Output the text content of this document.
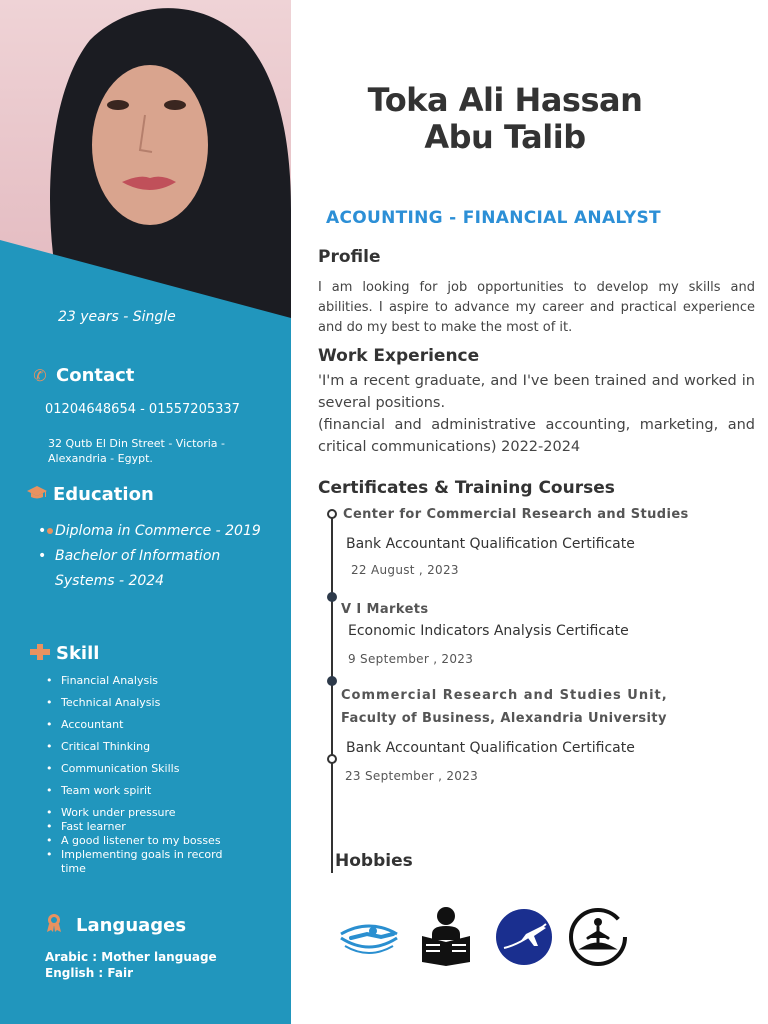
23 years - Single
✆ Contact
01204648654 - 01557205337
32 Qutb El Din Street - Victoria - Alexandria - Egypt.
Education
• Diploma in Commerce - 2019
• Bachelor of Information Systems - 2024
Skill
• Financial Analysis
• Technical Analysis
• Accountant
• Critical Thinking
• Communication Skills
• Team work spirit
• Work under pressure
• Fast learner
• A good listener to my bosses
• Implementing goals in record time
Languages
Arabic : Mother language
English : Fair
Toka Ali Hassan
Abu Talib
ACOUNTING - FINANCIAL ANALYST
Profile
I am looking for job opportunities to develop my skills and abilities. I aspire to advance my career and practical experience and do my best to make the most of it.
Work Experience
'I'm a recent graduate, and I've been trained and worked in several positions.
(financial and administrative accounting, marketing, and critical communications) 2022-2024
Certificates & Training Courses
Center for Commercial Research and Studies
Bank Accountant Qualification Certificate
22 August , 2023
V I Markets
Economic Indicators Analysis Certificate
9 September , 2023
Commercial Research and Studies Unit,
Faculty of Business, Alexandria University
Bank Accountant Qualification Certificate
23 September , 2023
Hobbies
